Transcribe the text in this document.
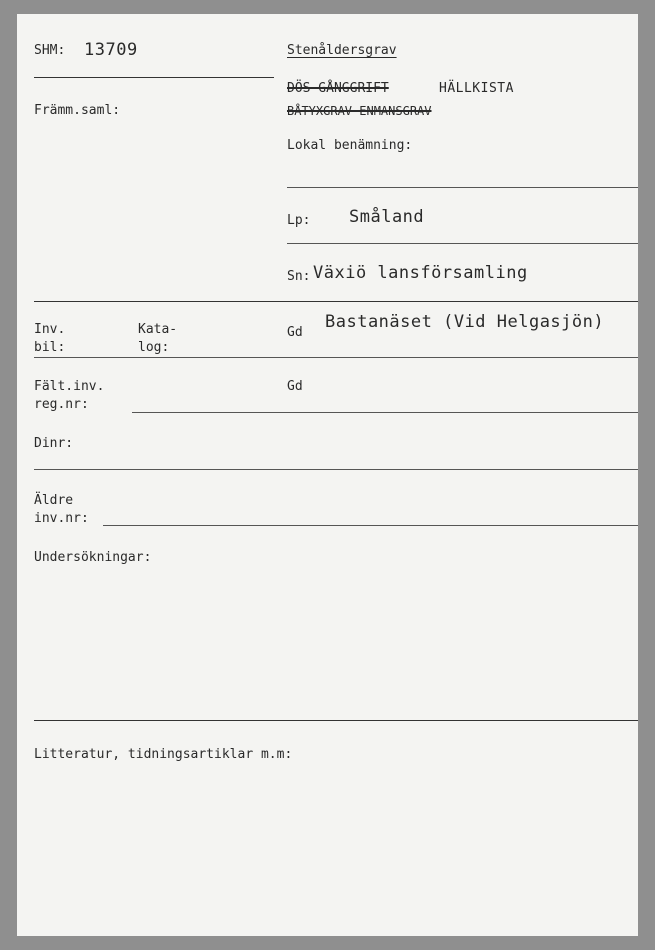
SHM: 13709
Främm.saml:
Stenåldersgrav
DÖS GÅNGGRIFT	HÄLLKISTA
BÅTYXGRAV ENMANSGRAV
Lokal benämning:
Lp: Småland
Sn: Växiö lansförsamling
Inv.
bil:
Kata-
log:
Gd
Bastanäset (Vid Helgasjön)
Fält.inv.
reg.nr:
Gd
Dinr:
Äldre
inv.nr:
Undersökningar:
Litteratur, tidningsartiklar m.m:
